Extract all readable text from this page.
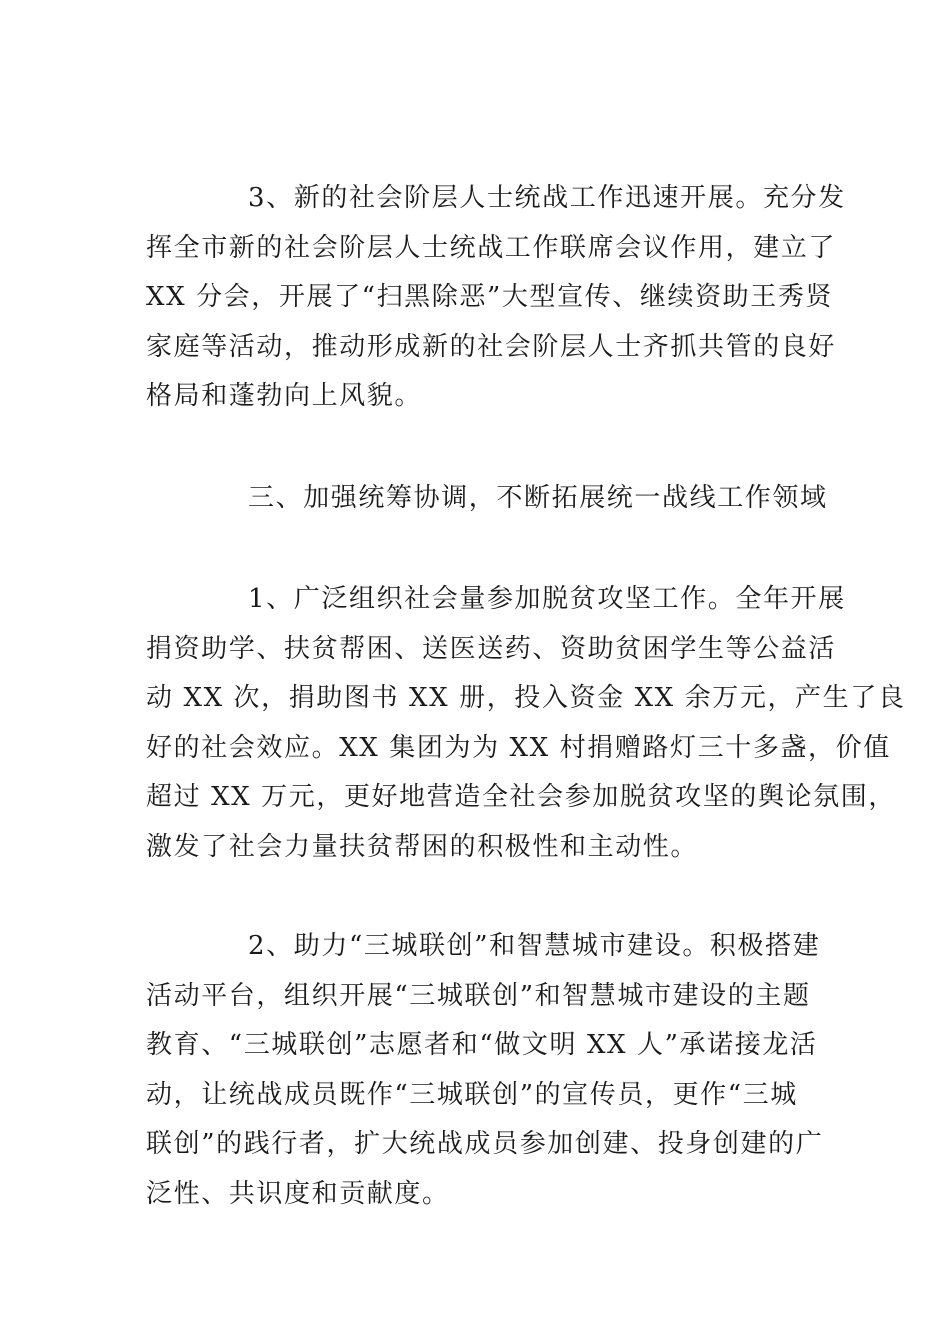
3、新的社会阶层人士统战工作迅速开展。充分发
挥全市新的社会阶层人士统战工作联席会议作用，建立了
XX 分会，开展了“扫黑除恶”大型宣传、继续资助王秀贤
家庭等活动，推动形成新的社会阶层人士齐抓共管的良好
格局和蓬勃向上风貌。
三、加强统筹协调，不断拓展统一战线工作领域
1、广泛组织社会量参加脱贫攻坚工作。全年开展
捐资助学、扶贫帮困、送医送药、资助贫困学生等公益活
动 XX 次，捐助图书 XX 册，投入资金 XX 余万元，产生了良
好的社会效应。XX 集团为为 XX 村捐赠路灯三十多盏，价值
超过 XX 万元，更好地营造全社会参加脱贫攻坚的舆论氛围，
激发了社会力量扶贫帮困的积极性和主动性。
2、助力“三城联创”和智慧城市建设。积极搭建
活动平台，组织开展“三城联创”和智慧城市建设的主题
教育、“三城联创”志愿者和“做文明 XX 人”承诺接龙活
动，让统战成员既作“三城联创”的宣传员，更作“三城
联创”的践行者，扩大统战成员参加创建、投身创建的广
泛性、共识度和贡献度。
